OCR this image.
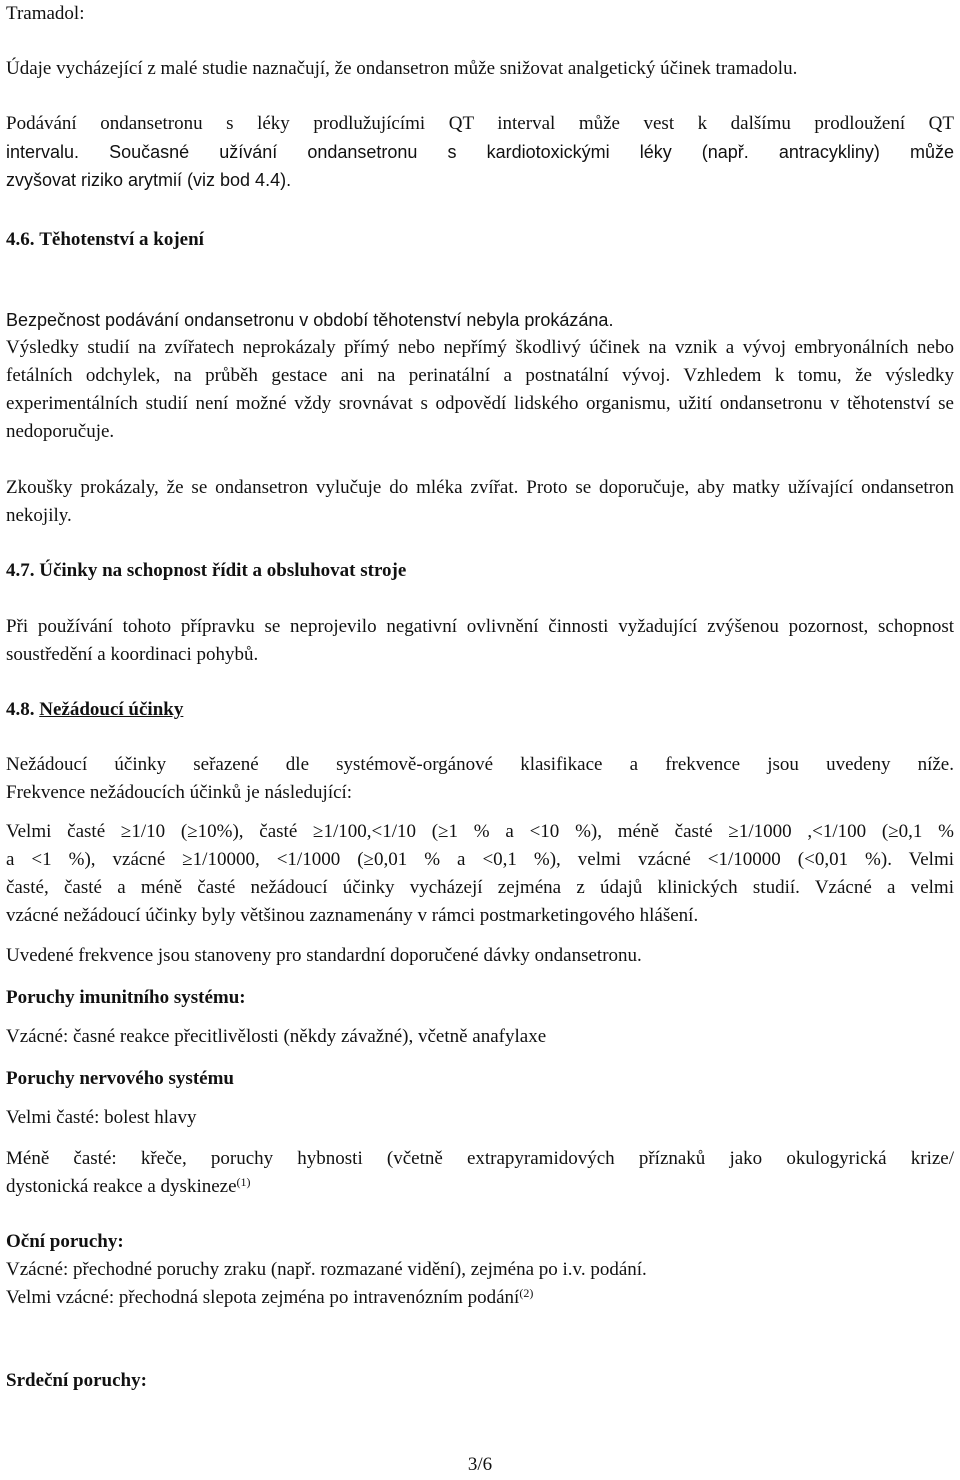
Tramadol:

Údaje vycházející z malé studie naznačují, že ondansetron může snižovat analgetický účinek tramadolu.

Podávání ondansetronu s léky prodlužujícími QT interval může vest k dalšímu prodloužení QT
intervalu. Současné užívání ondansetronu s kardiotoxickými léky (např. antracykliny) může
zvyšovat riziko arytmií (viz bod 4.4).
4.6. Těhotenství a kojení
Bezpečnost podávání ondansetronu v období těhotenství nebyla prokázána.
Výsledky studií na zvířatech neprokázaly přímý nebo nepřímý škodlivý účinek na vznik a vývoj embryonálních nebo fetálních odchylek, na průběh gestace ani na perinatální a postnatální vývoj. Vzhledem k tomu, že výsledky experimentálních studií není možné vždy srovnávat s odpovědí lidského organismu, užití ondansetronu v těhotenství se nedoporučuje.
Zkoušky prokázaly, že se ondansetron vylučuje do mléka zvířat. Proto se doporučuje, aby matky užívající ondansetron nekojily.
4.7. Účinky na schopnost řídit a obsluhovat stroje
Při používání tohoto přípravku se neprojevilo negativní ovlivnění činnosti vyžadující zvýšenou pozornost, schopnost soustředění a koordinaci pohybů.
4.8. Nežádoucí účinky
Nežádoucí účinky seřazené dle systémově-orgánové klasifikace a frekvence jsou uvedeny níže.
Frekvence nežádoucích účinků je následující:
Velmi časté ≥1/10 (≥10%), časté ≥1/100,<1/10 (≥1 % a <10 %), méně časté ≥1/1000 ,<1/100 (≥0,1 %
a <1 %), vzácné ≥1/10000, <1/1000 (≥0,01 % a <0,1 %), velmi vzácné <1/10000 (<0,01 %). Velmi
časté, časté a méně časté nežádoucí účinky vycházejí zejména z údajů klinických studií. Vzácné a velmi
vzácné nežádoucí účinky byly většinou zaznamenány v rámci postmarketingového hlášení.
Uvedené frekvence jsou stanoveny pro standardní doporučené dávky ondansetronu.
Poruchy imunitního systému:
Vzácné: časné reakce přecitlivělosti (někdy závažné), včetně anafylaxe
Poruchy nervového systému
Velmi časté: bolest hlavy
Méně časté: křeče, poruchy hybnosti (včetně extrapyramidových příznaků jako okulogyrická krize/
dystonická reakce a dyskineze$^{(1)}$
Oční poruchy:
Vzácné: přechodné poruchy zraku (např. rozmazané vidění), zejména po i.v. podání.
Velmi vzácné: přechodná slepota zejména po intravenózním podání$^{(2)}$
Srdeční poruchy:
3/6
